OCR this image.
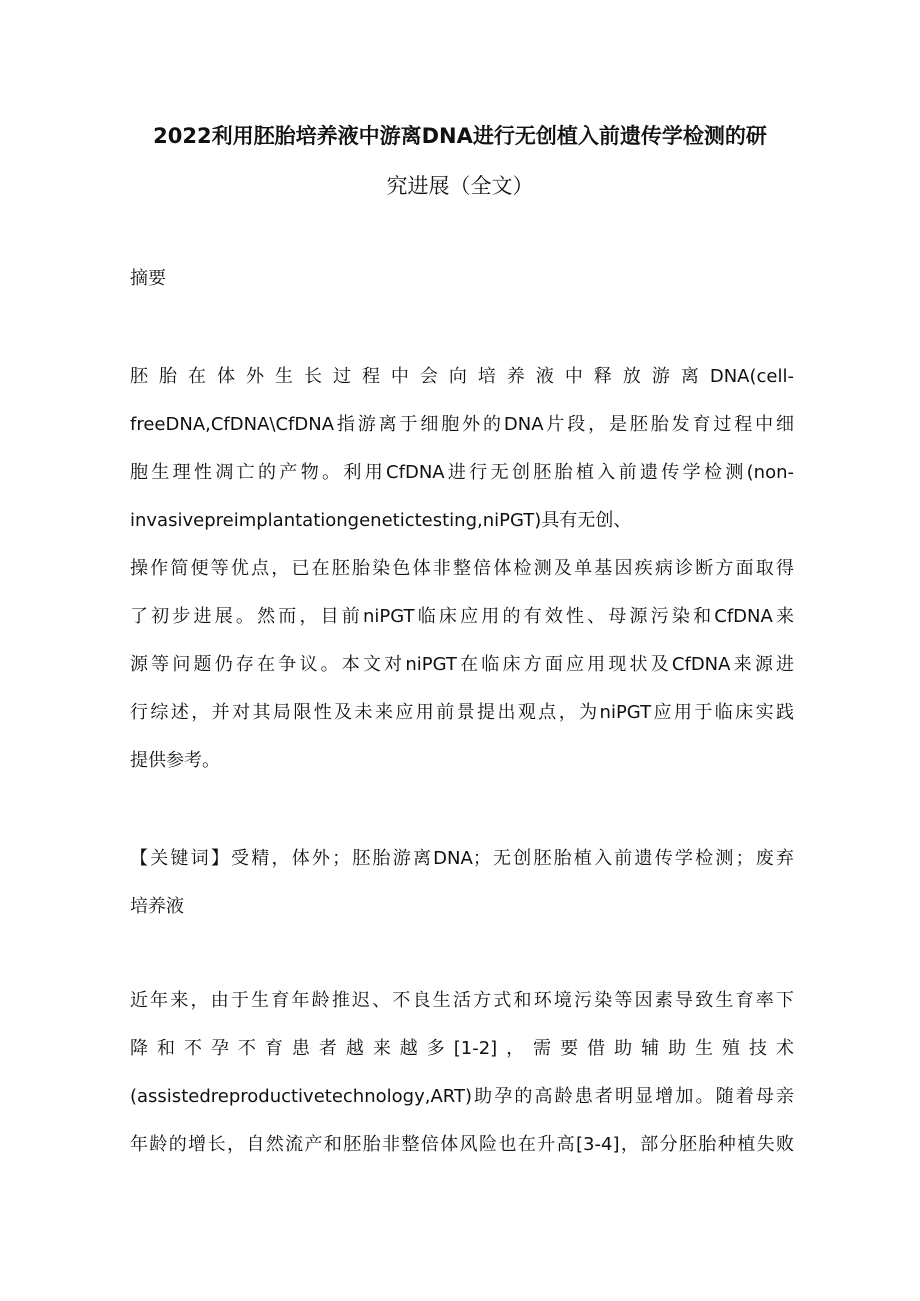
2022利用胚胎培养液中游离DNA进行无创植入前遗传学检测的研
究进展（全文）

摘要

胚胎在体外生长过程中会向培养液中释放游离DNA(cell-

freeDNA,CfDNA\CfDNA指游离于细胞外的DNA片段，是胚胎发育过程中细

胞生理性凋亡的产物。利用CfDNA进行无创胚胎植入前遗传学检测(non-

invasivepreimplantationgenetictesting,niPGT)具有无创、

操作简便等优点，已在胚胎染色体非整倍体检测及单基因疾病诊断方面取得

了初步进展。然而，目前niPGT临床应用的有效性、母源污染和CfDNA来

源等问题仍存在争议。本文对niPGT在临床方面应用现状及CfDNA来源进

行综述，并对其局限性及未来应用前景提出观点，为niPGT应用于临床实践

提供参考。

【关键词】受精，体外；胚胎游离DNA；无创胚胎植入前遗传学检测；废弃

培养液

近年来，由于生育年龄推迟、不良生活方式和环境污染等因素导致生育率下

降和不孕不育患者越来越多[1-2]，需要借助辅助生殖技术

(assistedreproductivetechnology,ART)助孕的高龄患者明显增加。随着母亲

年龄的增长，自然流产和胚胎非整倍体风险也在升高[3-4]，部分胚胎种植失败
